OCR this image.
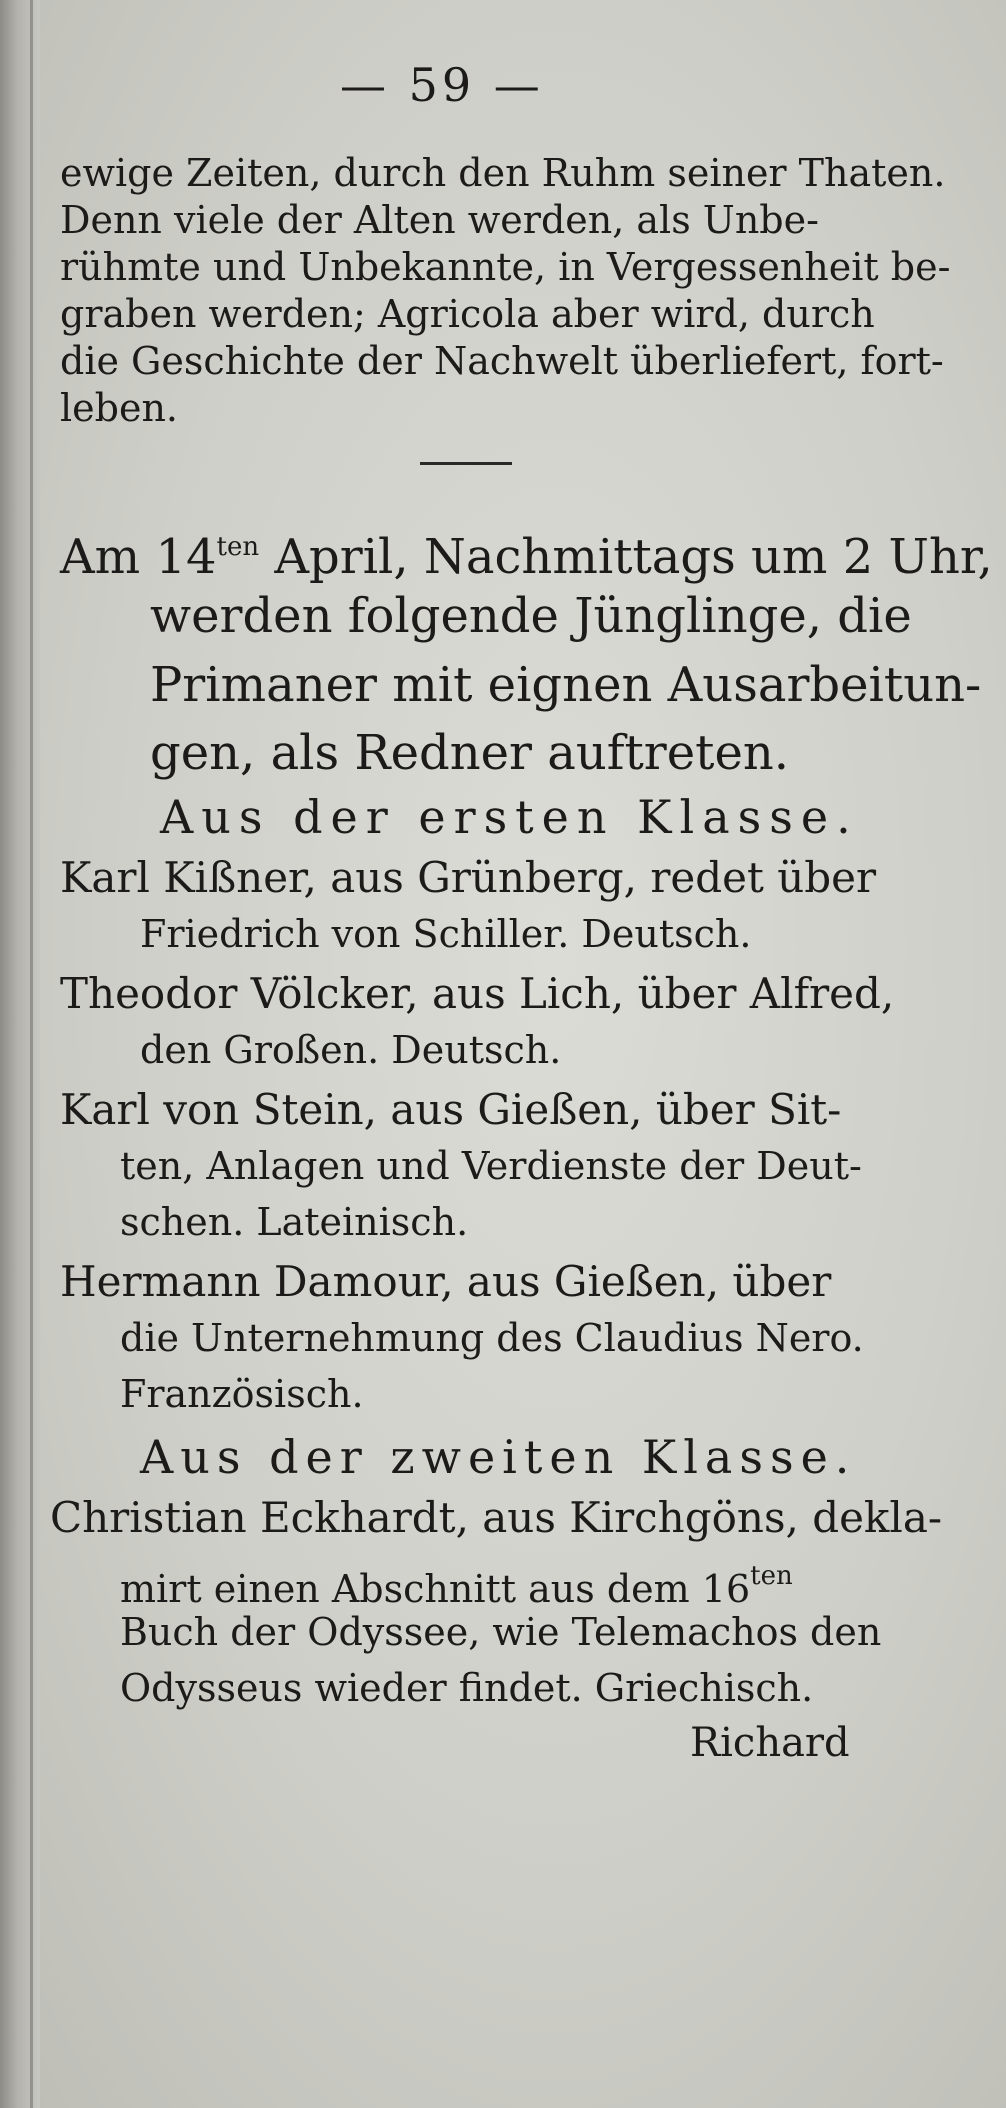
— 59 —
ewige Zeiten, durch den Ruhm seiner Thaten.
Denn viele der Alten werden, als Unbe-
rühmte und Unbekannte, in Vergessenheit be-
graben werden; Agricola aber wird, durch
die Geschichte der Nachwelt überliefert, fort-
leben.
Am $14^{ten}$ April, Nachmittags um 2 Uhr,
werden folgende Jünglinge, die
Primaner mit eignen Ausarbeitun-
gen, als Redner auftreten.
Aus der ersten Klasse.
Karl Kißner, aus Grünberg, redet über
Friedrich von Schiller. Deutsch.
Theodor Völcker, aus Lich, über Alfred,
den Großen. Deutsch.
Karl von Stein, aus Gießen, über Sit-
ten, Anlagen und Verdienste der Deut-
schen. Lateinisch.
Hermann Damour, aus Gießen, über
die Unternehmung des Claudius Nero.
Französisch.
Aus der zweiten Klasse.
Christian Eckhardt, aus Kirchgöns, dekla-
mirt einen Abschnitt aus dem $16^{ten}$
Buch der Odyssee, wie Telemachos den
Odysseus wieder findet. Griechisch.
Richard
